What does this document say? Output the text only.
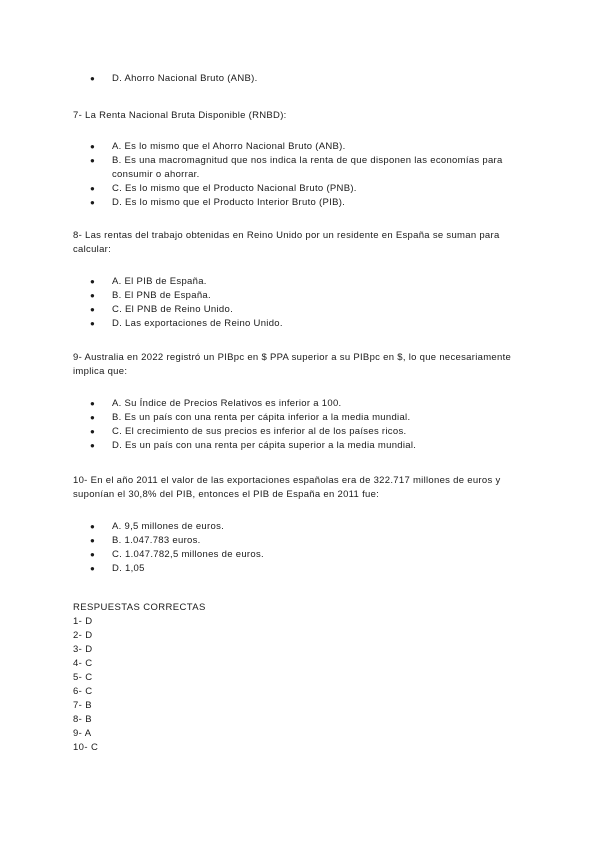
● D. Ahorro Nacional Bruto (ANB).

7- La Renta Nacional Bruta Disponible (RNBD):

● A. Es lo mismo que el Ahorro Nacional Bruto (ANB).
● B. Es una macromagnitud que nos indica la renta de que disponen las economías para consumir o ahorrar.
● C. Es lo mismo que el Producto Nacional Bruto (PNB).
● D. Es lo mismo que el Producto Interior Bruto (PIB).

8- Las rentas del trabajo obtenidas en Reino Unido por un residente en España se suman para calcular:

● A. El PIB de España.
● B. El PNB de España.
● C. El PNB de Reino Unido.
● D. Las exportaciones de Reino Unido.

9- Australia en 2022 registró un PIBpc en $ PPA superior a su PIBpc en $, lo que necesariamente implica que:

● A. Su Índice de Precios Relativos es inferior a 100.
● B. Es un país con una renta per cápita inferior a la media mundial.
● C. El crecimiento de sus precios es inferior al de los países ricos.
● D. Es un país con una renta per cápita superior a la media mundial.

10- En el año 2011 el valor de las exportaciones españolas era de 322.717 millones de euros y suponían el 30,8% del PIB, entonces el PIB de España en 2011 fue:

● A. 9,5 millones de euros.
● B. 1.047.783 euros.
● C. 1.047.782,5 millones de euros.
● D. 1,05
RESPUESTAS CORRECTAS
1- D
2- D
3- D
4- C
5- C
6- C
7- B
8- B
9- A
10- C
